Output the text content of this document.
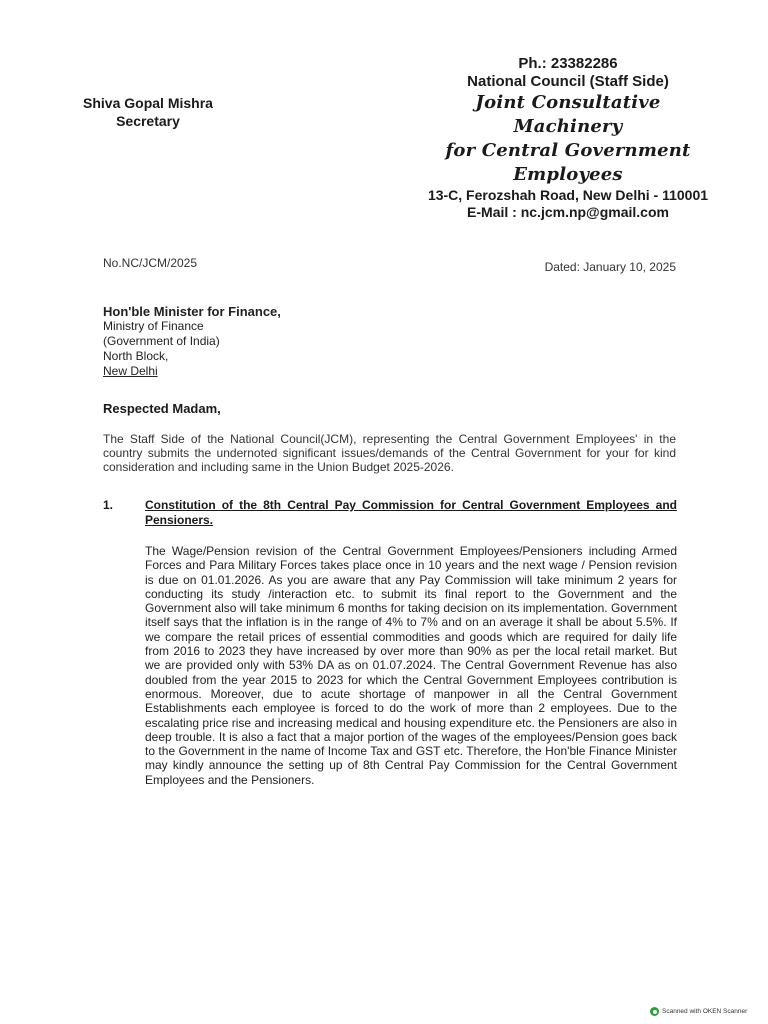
Shiva Gopal Mishra
Secretary
Ph.: 23382286
National Council (Staff Side)
Joint Consultative Machinery
for Central Government Employees
13-C, Ferozshah Road, New Delhi - 110001
E-Mail : nc.jcm.np@gmail.com
No.NC/JCM/2025	Dated: January 10, 2025
Hon'ble Minister for Finance,
Ministry of Finance
(Government of India)
North Block,
New Delhi
Respected Madam,
The Staff Side of the National Council(JCM), representing the Central Government Employees' in the country submits the undernoted significant issues/demands of the Central Government for your for kind consideration and including same in the Union Budget 2025-2026.
1.	Constitution of the 8th Central Pay Commission for Central Government Employees and Pensioners.
The Wage/Pension revision of the Central Government Employees/Pensioners including Armed Forces and Para Military Forces takes place once in 10 years and the next wage / Pension revision is due on 01.01.2026. As you are aware that any Pay Commission will take minimum 2 years for conducting its study /interaction etc. to submit its final report to the Government and the Government also will take minimum 6 months for taking decision on its implementation. Government itself says that the inflation is in the range of 4% to 7% and on an average it shall be about 5.5%. If we compare the retail prices of essential commodities and goods which are required for daily life from 2016 to 2023 they have increased by over more than 90% as per the local retail market. But we are provided only with 53% DA as on 01.07.2024. The Central Government Revenue has also doubled from the year 2015 to 2023 for which the Central Government Employees contribution is enormous. Moreover, due to acute shortage of manpower in all the Central Government Establishments each employee is forced to do the work of more than 2 employees. Due to the escalating price rise and increasing medical and housing expenditure etc. the Pensioners are also in deep trouble. It is also a fact that a major portion of the wages of the employees/Pension goes back to the Government in the name of Income Tax and GST etc. Therefore, the Hon'ble Finance Minister may kindly announce the setting up of 8th Central Pay Commission for the Central Government Employees and the Pensioners.
Scanned with OKEN Scanner
